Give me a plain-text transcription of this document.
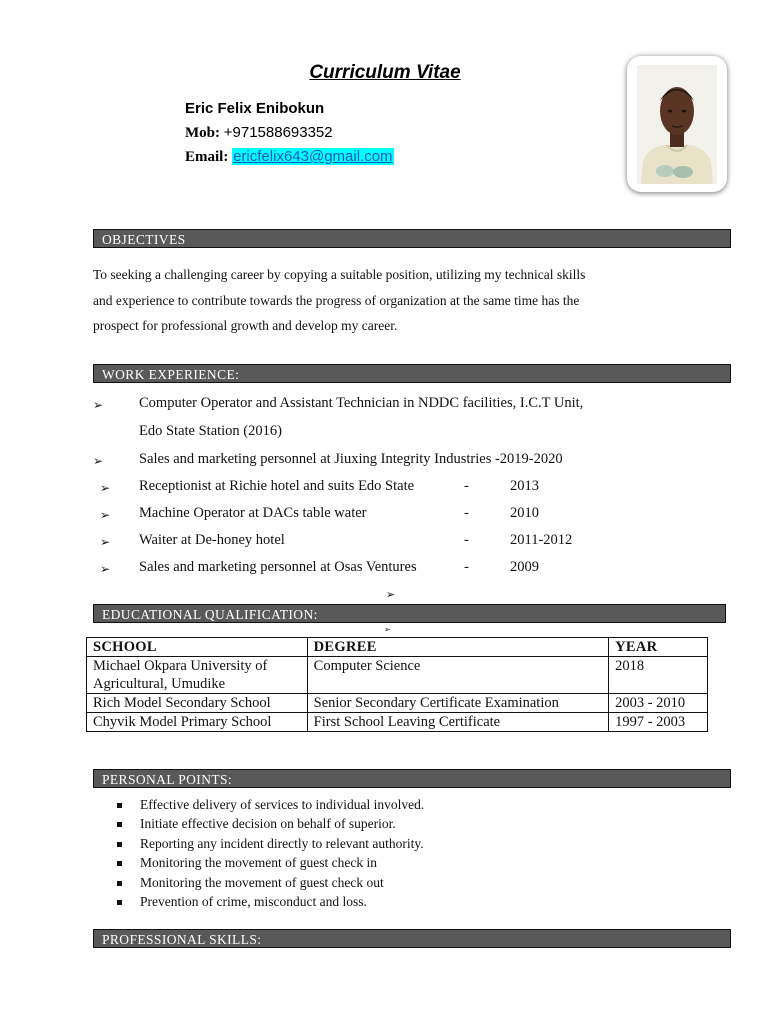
Curriculum Vitae
Eric Felix Enibokun
Mob: +971588693352
Email: ericfelix643@gmail.com
OBJECTIVES
To seeking a challenging career by copying a suitable position, utilizing my technical skills
and experience to contribute towards the progress of organization at the same time has the
prospect for professional growth and develop my career.
WORK EXPERIENCE:
➢ Computer Operator and Assistant Technician in NDDC facilities, I.C.T Unit,
Edo State Station (2016)
➢ Sales and marketing personnel at Jiuxing Integrity Industries -2019-2020
➢ Receptionist at Richie hotel and suits Edo State	-	2013
➢ Machine Operator at DACs table water	-	2010
➢ Waiter at De-honey hotel	-	2011-2012
➢ Sales and marketing personnel at Osas Ventures	-	2009
➢
EDUCATIONAL QUALIFICATION:
➢
SCHOOL	DEGREE	YEAR
Michael Okpara University of Agricultural, Umudike	Computer Science	2018
Rich Model Secondary School	Senior Secondary Certificate Examination	2003 - 2010
Chyvik Model Primary School	First School Leaving Certificate	1997 - 2003
PERSONAL POINTS:
Effective delivery of services to individual involved.
Initiate effective decision on behalf of superior.
Reporting any incident directly to relevant authority.
Monitoring the movement of guest check in
Monitoring the movement of guest check out
Prevention of crime, misconduct and loss.
PROFESSIONAL SKILLS:
